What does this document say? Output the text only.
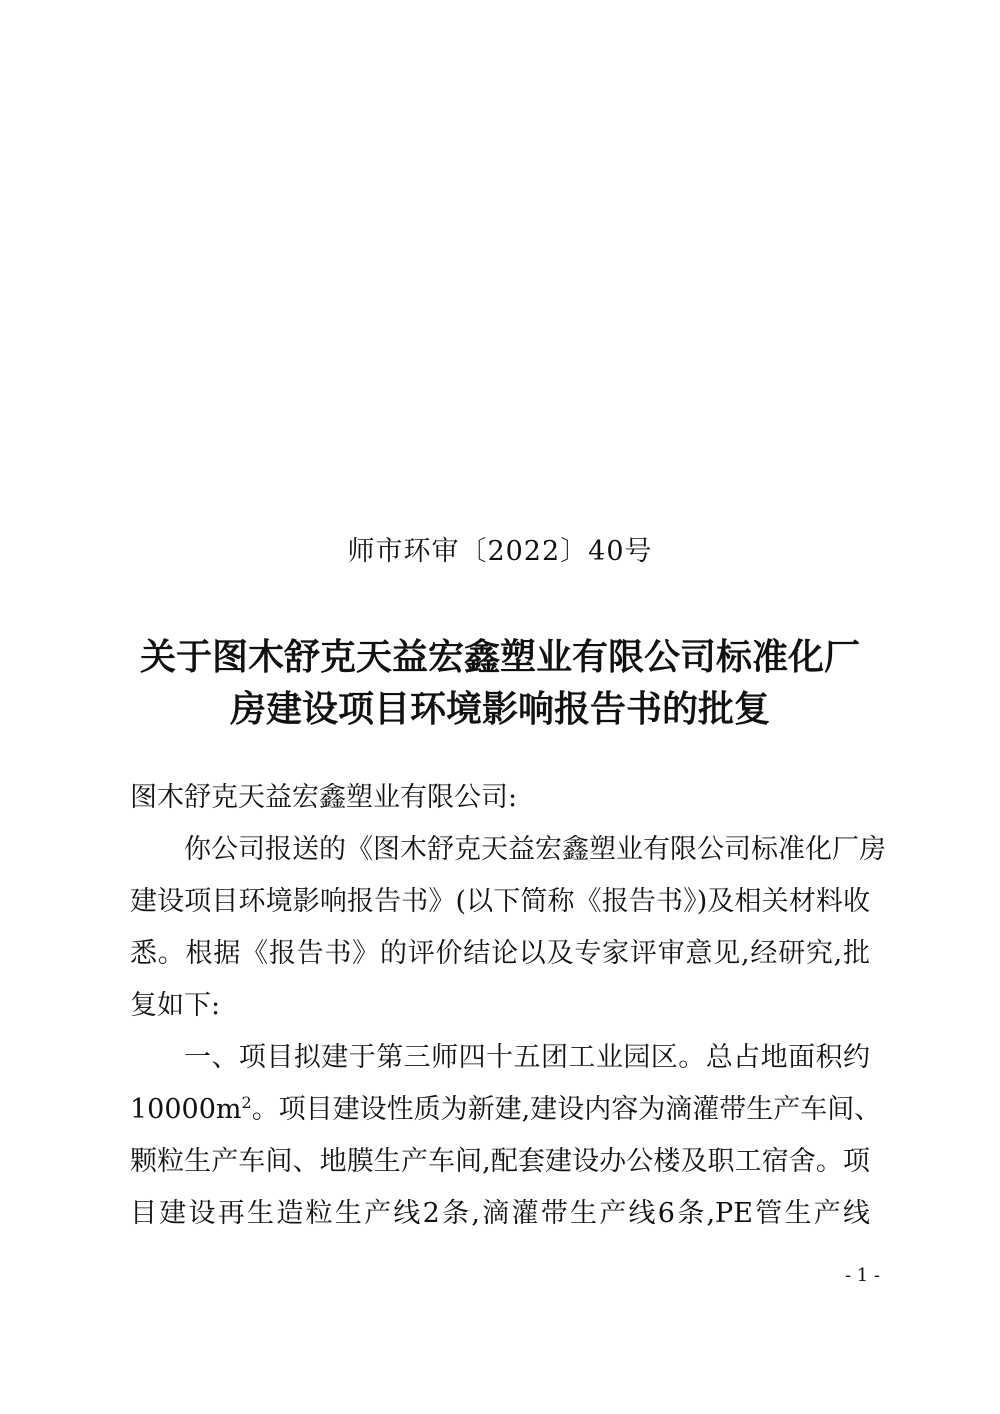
师市环审〔2022〕40号
关于图木舒克天益宏鑫塑业有限公司标准化厂
房建设项目环境影响报告书的批复
图木舒克天益宏鑫塑业有限公司:
你公司报送的《图木舒克天益宏鑫塑业有限公司标准化厂房
建设项目环境影响报告书》(以下简称《报告书》)及相关材料收
悉。根据《报告书》的评价结论以及专家评审意见,经研究,批
复如下:
一、项目拟建于第三师四十五团工业园区。总占地面积约
$10000m^2$。项目建设性质为新建,建设内容为滴灌带生产车间、
颗粒生产车间、地膜生产车间,配套建设办公楼及职工宿舍。项
目建设再生造粒生产线2条,滴灌带生产线6条,PE管生产线
- 1 -
